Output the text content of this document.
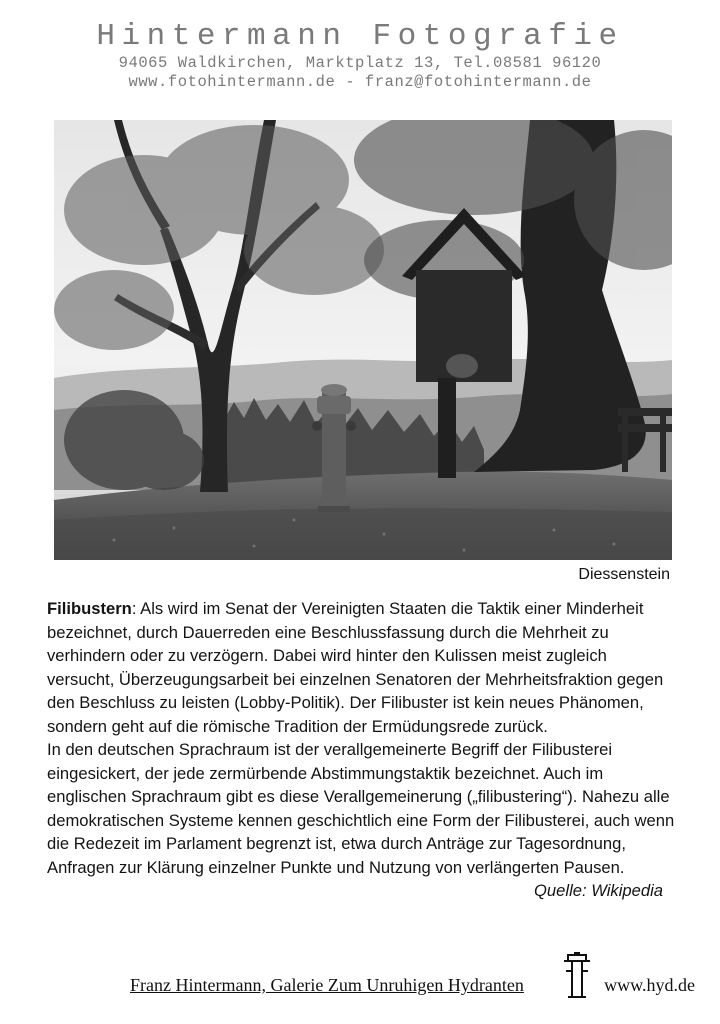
Hintermann Fotografie
94065 Waldkirchen, Marktplatz 13, Tel.08581 96120
www.fotohintermann.de - franz@fotohintermann.de
Diessenstein

Filibustern: Als wird im Senat der Vereinigten Staaten die Taktik einer Minderheit bezeichnet, durch Dauerreden eine Beschlussfassung durch die Mehrheit zu verhindern oder zu verzögern. Dabei wird hinter den Kulissen meist zugleich versucht, Überzeugungsarbeit bei einzelnen Senatoren der Mehrheitsfraktion gegen den Beschluss zu leisten (Lobby-Politik). Der Filibuster ist kein neues Phänomen, sondern geht auf die römische Tradition der Ermüdungsrede zurück.

In den deutschen Sprachraum ist der verallgemeinerte Begriff der Filibusterei eingesickert, der jede zermürbende Abstimmungstaktik bezeichnet. Auch im englischen Sprachraum gibt es diese Verallgemeinerung („filibustering“). Nahezu alle demokratischen Systeme kennen geschichtlich eine Form der Filibusterei, auch wenn die Redezeit im Parlament begrenzt ist, etwa durch Anträge zur Tagesordnung, Anfragen zur Klärung einzelner Punkte und Nutzung von verlängerten Pausen.
Quelle: Wikipedia

Franz Hintermann, Galerie Zum Unruhigen Hydranten	www.hyd.de
